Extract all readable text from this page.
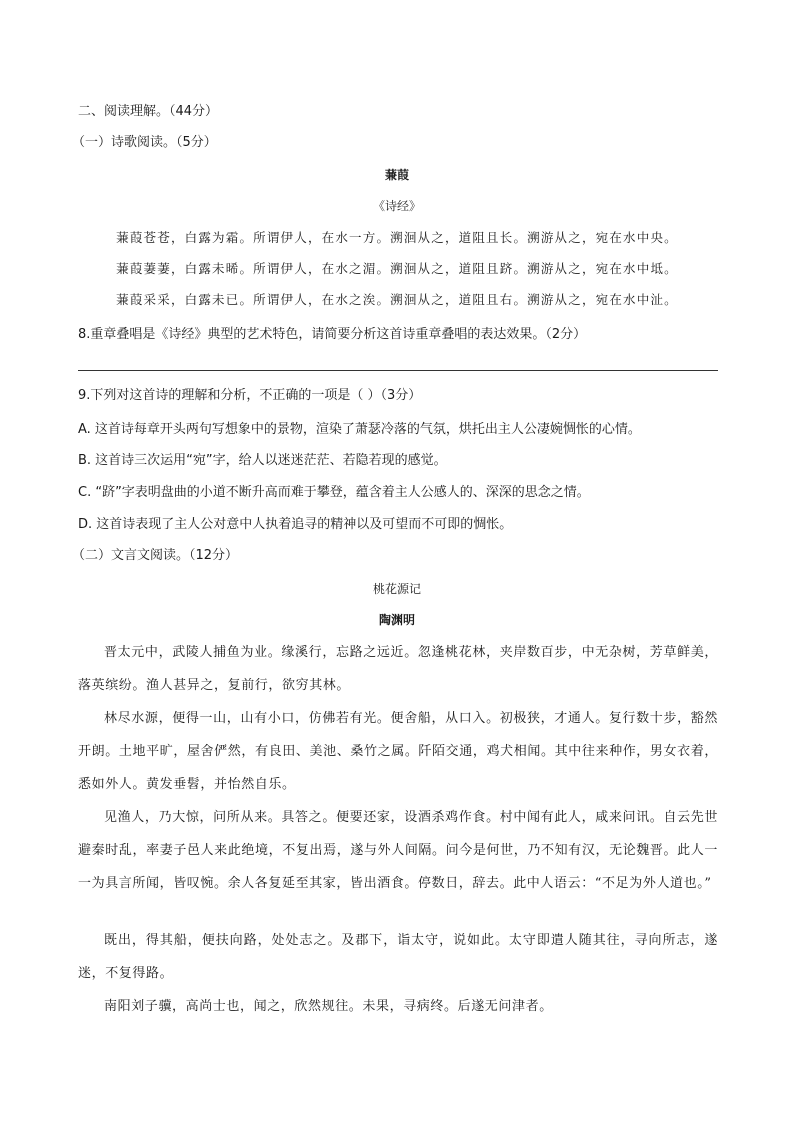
二、阅读理解。（44分）
（一）诗歌阅读。（5分）
蒹葭
《诗经》
蒹葭苍苍，白露为霜。所谓伊人，在水一方。溯洄从之，道阻且长。溯游从之，宛在水中央。
蒹葭萋萋，白露未晞。所谓伊人，在水之湄。溯洄从之，道阻且跻。溯游从之，宛在水中坻。
蒹葭采采，白露未已。所谓伊人，在水之涘。溯洄从之，道阻且右。溯游从之，宛在水中沚。
8.重章叠唱是《诗经》典型的艺术特色，请简要分析这首诗重章叠唱的表达效果。（2分）
9.下列对这首诗的理解和分析，不正确的一项是（ ）（3分）
A. 这首诗每章开头两句写想象中的景物，渲染了萧瑟冷落的气氛，烘托出主人公凄婉惆怅的心情。
B. 这首诗三次运用“宛”字，给人以迷迷茫茫、若隐若现的感觉。
C. “跻”字表明盘曲的小道不断升高而难于攀登，蕴含着主人公感人的、深深的思念之情。
D. 这首诗表现了主人公对意中人执着追寻的精神以及可望而不可即的惆怅。
（二）文言文阅读。（12分）
桃花源记
陶渊明
晋太元中，武陵人捕鱼为业。缘溪行，忘路之远近。忽逢桃花林，夹岸数百步，中无杂树，芳草鲜美，落英缤纷。渔人甚异之，复前行，欲穷其林。
林尽水源，便得一山，山有小口，仿佛若有光。便舍船，从口入。初极狭，才通人。复行数十步，豁然开朗。土地平旷，屋舍俨然，有良田、美池、桑竹之属。阡陌交通，鸡犬相闻。其中往来种作，男女衣着，悉如外人。黄发垂髫，并怡然自乐。
见渔人，乃大惊，问所从来。具答之。便要还家，设酒杀鸡作食。村中闻有此人，咸来问讯。自云先世避秦时乱，率妻子邑人来此绝境，不复出焉，遂与外人间隔。问今是何世，乃不知有汉，无论魏晋。此人一一为具言所闻，皆叹惋。余人各复延至其家，皆出酒食。停数日，辞去。此中人语云：“不足为外人道也。”
既出，得其船，便扶向路，处处志之。及郡下，诣太守，说如此。太守即遣人随其往，寻向所志，遂迷，不复得路。
南阳刘子骥，高尚士也，闻之，欣然规往。未果，寻病终。后遂无问津者。
